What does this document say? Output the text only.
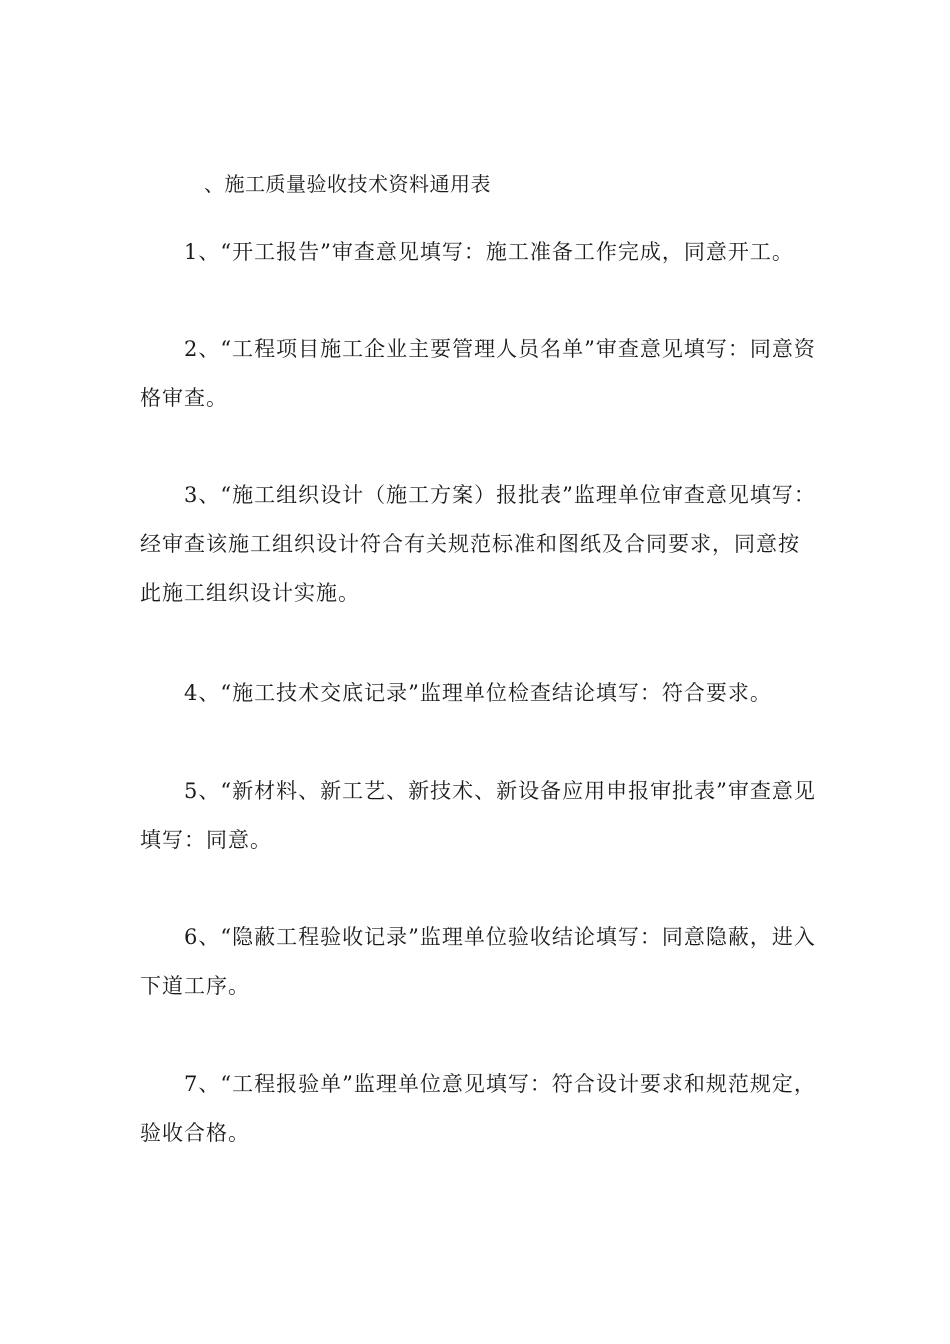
、施工质量验收技术资料通用表

1、“开工报告”审查意见填写：施工准备工作完成，同意开工。

2、“工程项目施工企业主要管理人员名单”审查意见填写：同意资格审查。

3、“施工组织设计（施工方案）报批表”监理单位审查意见填写：经审查该施工组织设计符合有关规范标准和图纸及合同要求，同意按此施工组织设计实施。

4、“施工技术交底记录”监理单位检查结论填写：符合要求。

5、“新材料、新工艺、新技术、新设备应用申报审批表”审查意见填写：同意。

6、“隐蔽工程验收记录”监理单位验收结论填写：同意隐蔽，进入下道工序。

7、“工程报验单”监理单位意见填写：符合设计要求和规范规定，验收合格。
